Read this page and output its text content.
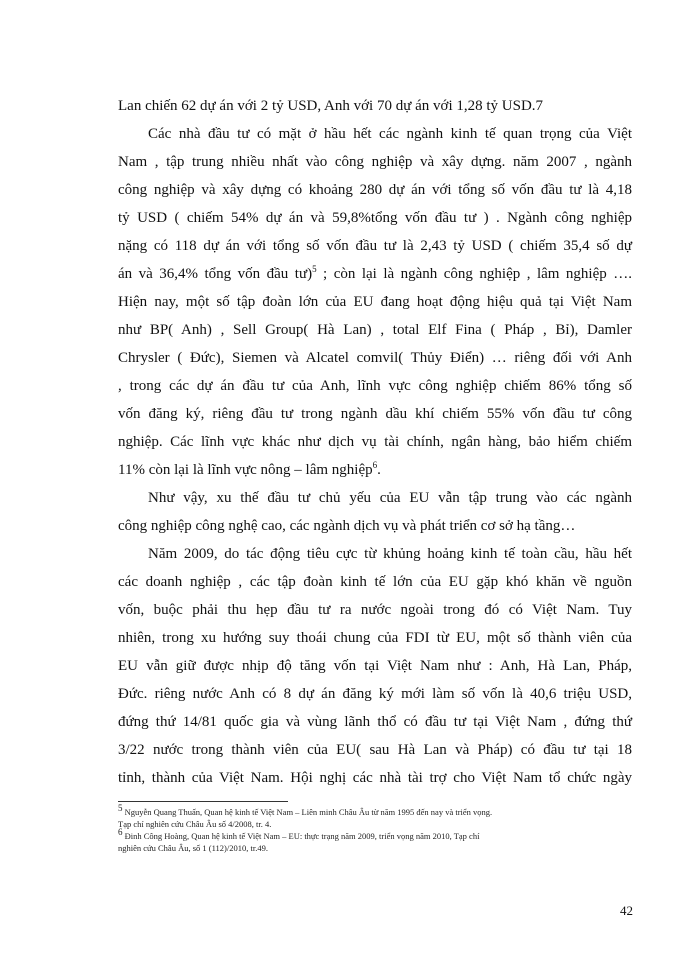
Lan chiến 62 dự án với 2 tỷ USD, Anh với 70 dự án với 1,28 tỷ USD.7
Các nhà đầu tư có mặt ở hầu hết các ngành kinh tế quan trọng của Việt
Nam , tập trung nhiều nhất vào công nghiệp và xây dựng. năm 2007 , ngành
công nghiệp và xây dựng có khoảng 280 dự án với tổng số vốn đầu tư là 4,18
tỷ USD ( chiếm 54% dự án và 59,8%tổng vốn đầu tư ) . Ngành công nghiệp
nặng có 118 dự án với tổng số vốn đầu tư là 2,43 tỷ USD ( chiếm 35,4 số dự
án và 36,4% tổng vốn đầu tư)$^5$ ; còn lại là ngành công nghiệp , lâm nghiệp ….
Hiện nay, một số tập đoàn lớn của EU đang hoạt động hiệu quả tại Việt Nam
như BP( Anh) , Sell Group( Hà Lan) , total Elf Fina ( Pháp , Bỉ), Damler
Chrysler ( Đức), Siemen và Alcatel comvil( Thủy Điển) … riêng đối với Anh
, trong các dự án đầu tư của Anh, lĩnh vực công nghiệp chiếm 86% tổng số
vốn đăng ký, riêng đầu tư trong ngành dầu khí chiếm 55% vốn đầu tư công
nghiệp. Các lĩnh vực khác như dịch vụ tài chính, ngân hàng, bảo hiểm chiếm
11% còn lại là lĩnh vực nông – lâm nghiệp$^6$.
Như vậy, xu thế đầu tư chủ yếu của EU vẫn tập trung vào các ngành
công nghiệp công nghệ cao, các ngành dịch vụ và phát triển cơ sở hạ tầng…
Năm 2009, do tác động tiêu cực từ khủng hoảng kinh tế toàn cầu, hầu hết
các doanh nghiệp , các tập đoàn kinh tế lớn của EU gặp khó khăn về nguồn
vốn, buộc phải thu hẹp đầu tư ra nước ngoài trong đó có Việt Nam. Tuy
nhiên, trong xu hướng suy thoái chung của FDI từ EU, một số thành viên của
EU vẫn giữ được nhịp độ tăng vốn tại Việt Nam như : Anh, Hà Lan, Pháp,
Đức. riêng nước Anh có 8 dự án đăng ký mới làm số vốn là 40,6 triệu USD,
đứng thứ 14/81 quốc gia và vùng lãnh thổ có đầu tư tại Việt Nam , đứng thứ
3/22 nước trong thành viên của EU( sau Hà Lan và Pháp) có đầu tư tại 18
tỉnh, thành của Việt Nam. Hội nghị các nhà tài trợ cho Việt Nam tổ chức ngày
$^5$ Nguyễn Quang Thuấn, Quan hệ kinh tế Việt Nam – Liên minh Châu Âu từ năm 1995 đến nay và triển vọng.
Tạp chí nghiên cứu Châu Âu số 4/2008, tr. 4.
$^6$ Đinh Công Hoàng, Quan hệ kinh tế Việt Nam – EU: thực trạng năm 2009, triển vọng năm 2010, Tạp chí
nghiên cứu Châu Âu, số 1 (112)/2010, tr.49.
42
